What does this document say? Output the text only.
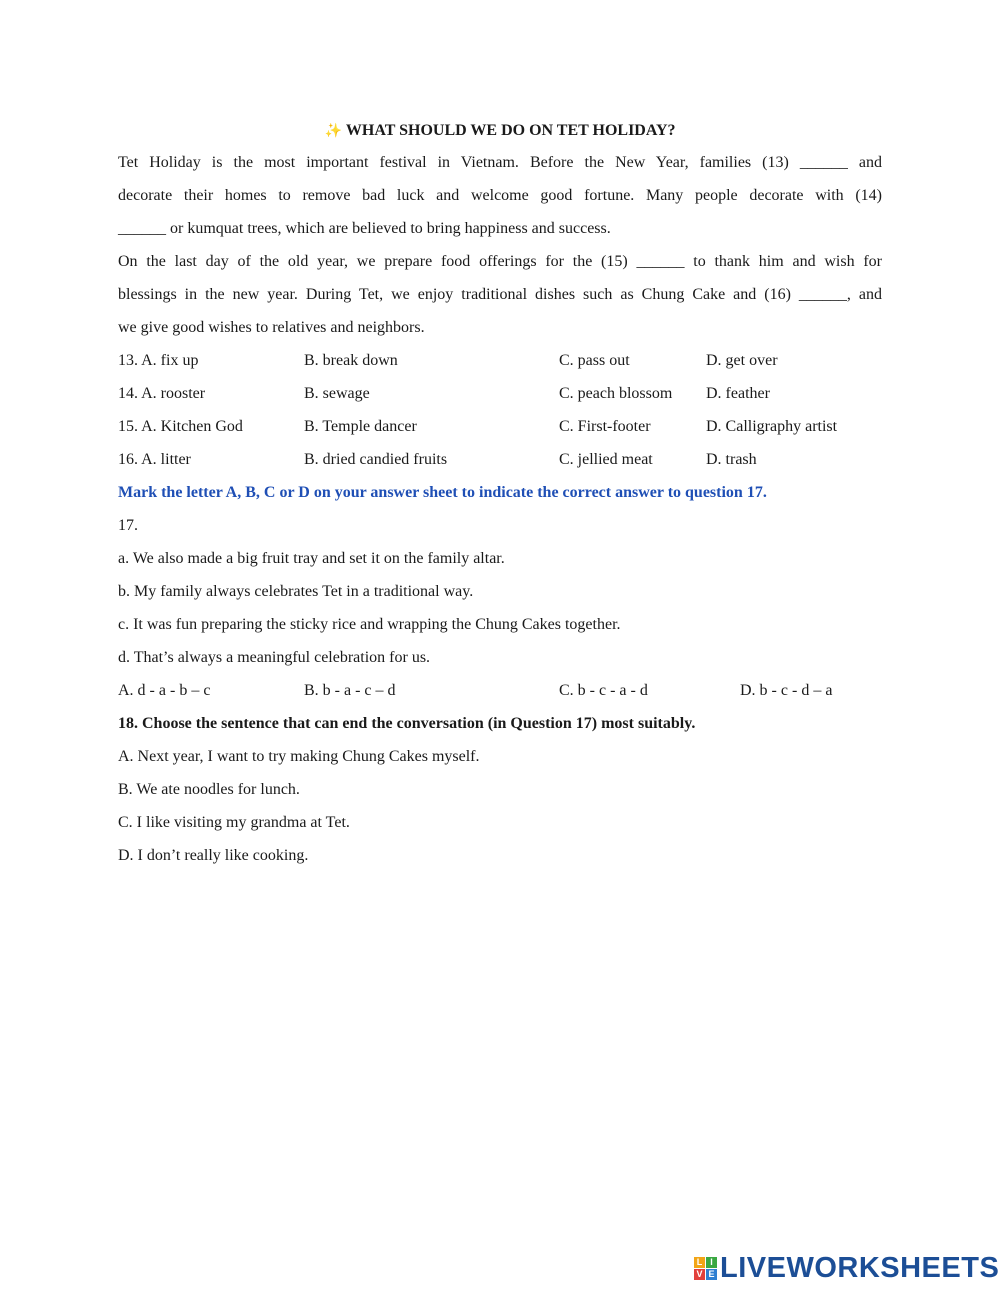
✨ WHAT SHOULD WE DO ON TET HOLIDAY?
Tet Holiday is the most important festival in Vietnam. Before the New Year, families (13) ______ and
decorate their homes to remove bad luck and welcome good fortune. Many people decorate with (14)
______ or kumquat trees, which are believed to bring happiness and success.
On the last day of the old year, we prepare food offerings for the (15) ______ to thank him and wish for
blessings in the new year. During Tet, we enjoy traditional dishes such as Chung Cake and (16) ______, and
we give good wishes to relatives and neighbors.
13. A. fix up	B. break down	C. pass out	D. get over
14. A. rooster	B. sewage	C. peach blossom D. feather
15. A. Kitchen God	B. Temple dancer	C. First-footer	D. Calligraphy artist
16. A. litter	B. dried candied fruits	C. jellied meat	D. trash
Mark the letter A, B, C or D on your answer sheet to indicate the correct answer to question 17.
17.
a. We also made a big fruit tray and set it on the family altar.
b. My family always celebrates Tet in a traditional way.
c. It was fun preparing the sticky rice and wrapping the Chung Cakes together.
d. That’s always a meaningful celebration for us.
A. d - a - b – c	B. b - a - c – d	C. b - c - a - d	D. b - c - d – a
18. Choose the sentence that can end the conversation (in Question 17) most suitably.
A. Next year, I want to try making Chung Cakes myself.
B. We ate noodles for lunch.
C. I like visiting my grandma at Tet.
D. I don’t really like cooking.
L I
V E LIVEWORKSHEETS
